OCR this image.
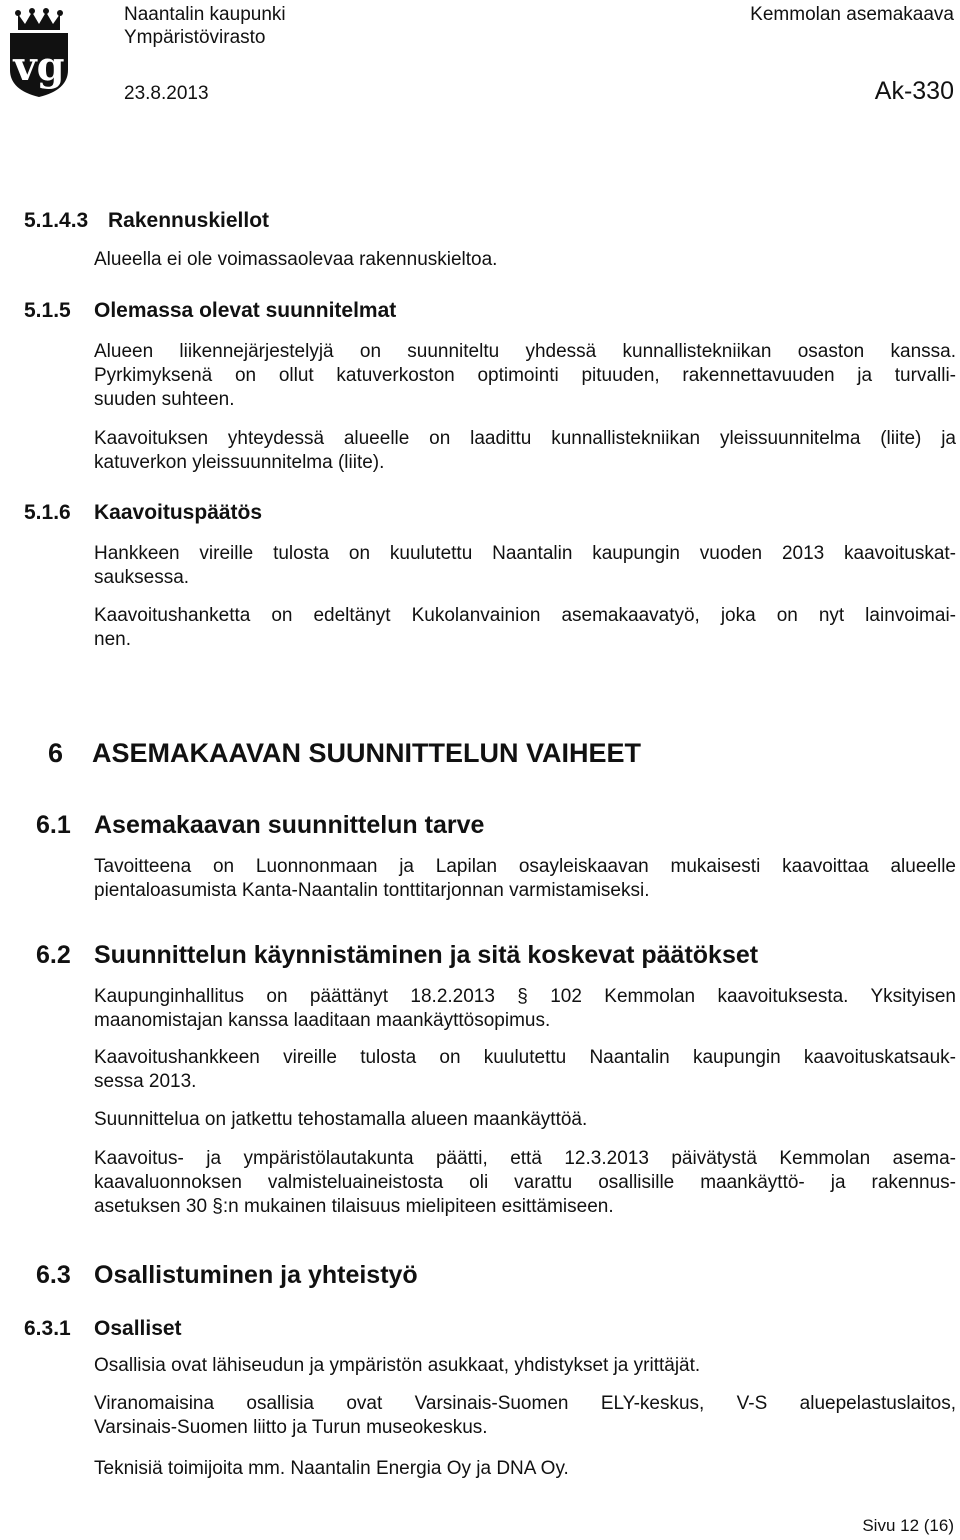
vg
Naantalin kaupunki
Ympäristövirasto
23.8.2013
Kemmolan asemakaava
Ak-330
5.1.4.3 Rakennuskiellot
Alueella ei ole voimassaolevaa rakennuskieltoa.
5.1.5 Olemassa olevat suunnitelmat
Alueen liikennejärjestelyjä on suunniteltu yhdessä kunnallistekniikan osaston kanssa.
Pyrkimyksenä on ollut katuverkoston optimointi pituuden, rakennettavuuden ja turvalli-
suuden suhteen.
Kaavoituksen yhteydessä alueelle on laadittu kunnallistekniikan yleissuunnitelma (liite) ja
katuverkon yleissuunnitelma (liite).
5.1.6 Kaavoituspäätös
Hankkeen vireille tulosta on kuulutettu Naantalin kaupungin vuoden 2013 kaavoituskat-
sauksessa.
Kaavoitushanketta on edeltänyt Kukolanvainion asemakaavatyö, joka on nyt lainvoimai-
nen.
6 ASEMAKAAVAN SUUNNITTELUN VAIHEET
6.1 Asemakaavan suunnittelun tarve
Tavoitteena on Luonnonmaan ja Lapilan osayleiskaavan mukaisesti kaavoittaa alueelle
pientaloasumista Kanta-Naantalin tonttitarjonnan varmistamiseksi.
6.2 Suunnittelun käynnistäminen ja sitä koskevat päätökset
Kaupunginhallitus on päättänyt 18.2.2013 § 102 Kemmolan kaavoituksesta. Yksityisen
maanomistajan kanssa laaditaan maankäyttösopimus.
Kaavoitushankkeen vireille tulosta on kuulutettu Naantalin kaupungin kaavoituskatsauk-
sessa 2013.
Suunnittelua on jatkettu tehostamalla alueen maankäyttöä.
Kaavoitus- ja ympäristölautakunta päätti, että 12.3.2013 päivätystä Kemmolan asema-
kaavaluonnoksen valmisteluaineistosta oli varattu osallisille maankäyttö- ja rakennus-
asetuksen 30 §:n mukainen tilaisuus mielipiteen esittämiseen.
6.3 Osallistuminen ja yhteistyö
6.3.1 Osalliset
Osallisia ovat lähiseudun ja ympäristön asukkaat, yhdistykset ja yrittäjät.
Viranomaisina osallisia ovat Varsinais-Suomen ELY-keskus, V-S aluepelastuslaitos,
Varsinais-Suomen liitto ja Turun museokeskus.
Teknisiä toimijoita mm. Naantalin Energia Oy ja DNA Oy.
Sivu 12 (16)
